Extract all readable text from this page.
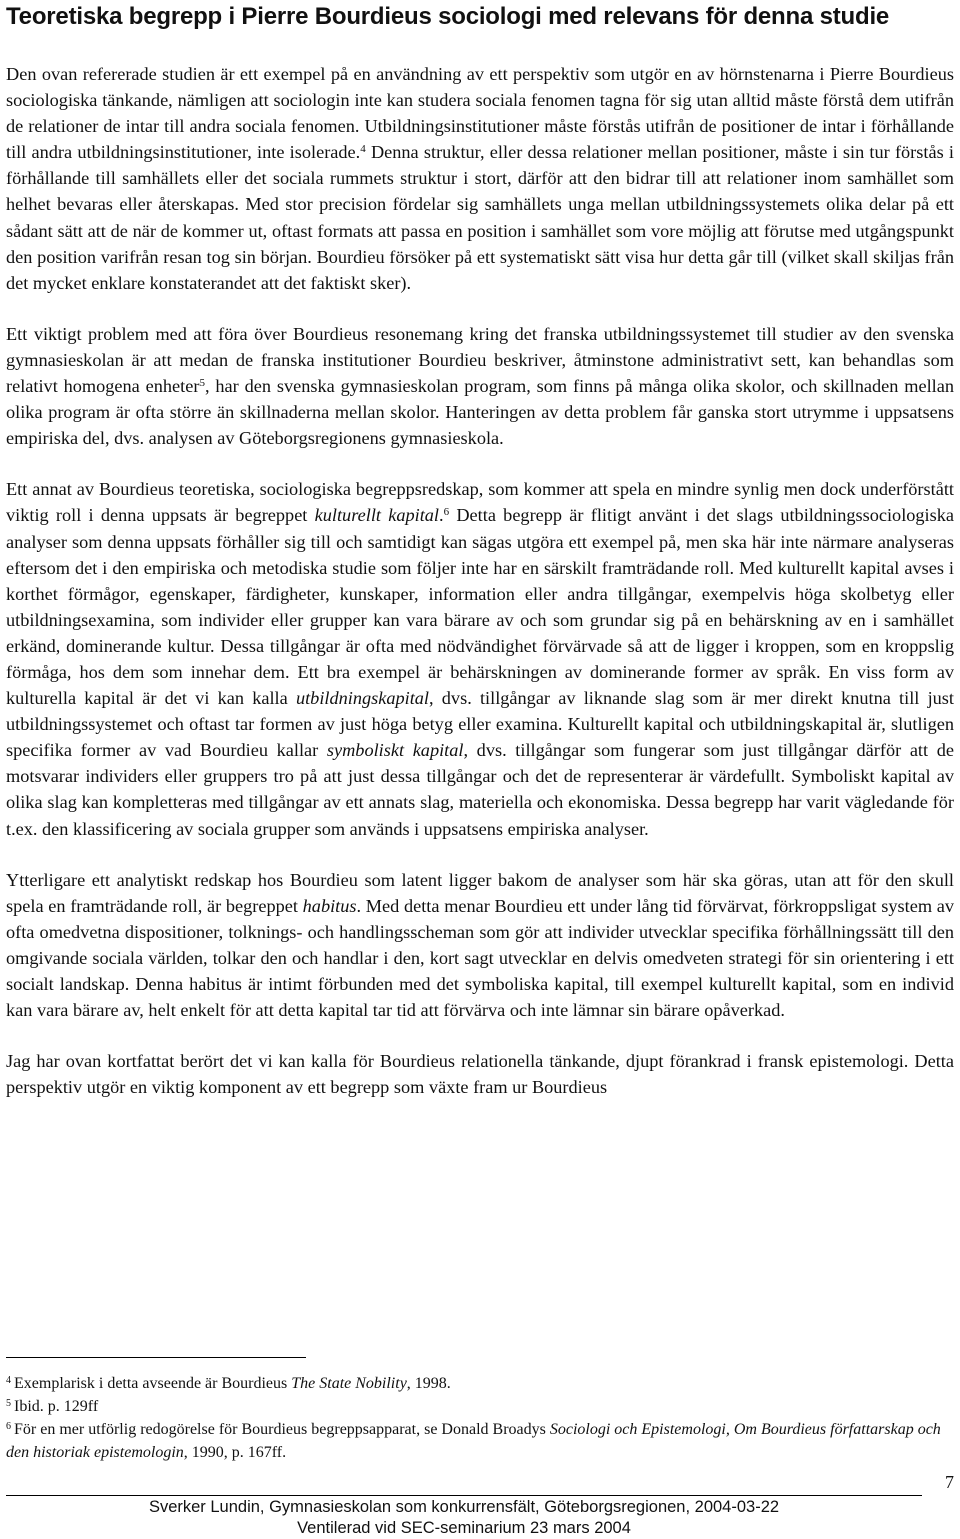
Teoretiska begrepp i Pierre Bourdieus sociologi med relevans för denna studie

Den ovan refererade studien är ett exempel på en användning av ett perspektiv som utgör en av hörnstenarna i Pierre Bourdieus sociologiska tänkande, nämligen att sociologin inte kan studera sociala fenomen tagna för sig utan alltid måste förstå dem utifrån de relationer de intar till andra sociala fenomen. Utbildningsinstitutioner måste förstås utifrån de positioner de intar i förhållande till andra utbildningsinstitutioner, inte isolerade.$^4$ Denna struktur, eller dessa relationer mellan positioner, måste i sin tur förstås i förhållande till samhällets eller det sociala rummets struktur i stort, därför att den bidrar till att relationer inom samhället som helhet bevaras eller återskapas. Med stor precision fördelar sig samhällets unga mellan utbildningssystemets olika delar på ett sådant sätt att de när de kommer ut, oftast formats att passa en position i samhället som vore möjlig att förutse med utgångspunkt den position varifrån resan tog sin början. Bourdieu försöker på ett systematiskt sätt visa hur detta går till (vilket skall skiljas från det mycket enklare konstaterandet att det faktiskt sker).

Ett viktigt problem med att föra över Bourdieus resonemang kring det franska utbildningssystemet till studier av den svenska gymnasieskolan är att medan de franska institutioner Bourdieu beskriver, åtminstone administrativt sett, kan behandlas som relativt homogena enheter$^5$, har den svenska gymnasieskolan program, som finns på många olika skolor, och skillnaden mellan olika program är ofta större än skillnaderna mellan skolor. Hanteringen av detta problem får ganska stort utrymme i uppsatsens empiriska del, dvs. analysen av Göteborgsregionens gymnasieskola.

Ett annat av Bourdieus teoretiska, sociologiska begreppsredskap, som kommer att spela en mindre synlig men dock underförstått viktig roll i denna uppsats är begreppet kulturellt kapital.$^6$ Detta begrepp är flitigt använt i det slags utbildningssociologiska analyser som denna uppsats förhåller sig till och samtidigt kan sägas utgöra ett exempel på, men ska här inte närmare analyseras eftersom det i den empiriska och metodiska studie som följer inte har en särskilt framträdande roll. Med kulturellt kapital avses i korthet förmågor, egenskaper, färdigheter, kunskaper, information eller andra tillgångar, exempelvis höga skolbetyg eller utbildningsexamina, som individer eller grupper kan vara bärare av och som grundar sig på en behärskning av en i samhället erkänd, dominerande kultur. Dessa tillgångar är ofta med nödvändighet förvärvade så att de ligger i kroppen, som en kroppslig förmåga, hos dem som innehar dem. Ett bra exempel är behärskningen av dominerande former av språk. En viss form av kulturella kapital är det vi kan kalla utbildningskapital, dvs. tillgångar av liknande slag som är mer direkt knutna till just utbildningssystemet och oftast tar formen av just höga betyg eller examina. Kulturellt kapital och utbildningskapital är, slutligen specifika former av vad Bourdieu kallar symboliskt kapital, dvs. tillgångar som fungerar som just tillgångar därför att de motsvarar individers eller gruppers tro på att just dessa tillgångar och det de representerar är värdefullt. Symboliskt kapital av olika slag kan kompletteras med tillgångar av ett annats slag, materiella och ekonomiska. Dessa begrepp har varit vägledande för t.ex. den klassificering av sociala grupper som används i uppsatsens empiriska analyser.

Ytterligare ett analytiskt redskap hos Bourdieu som latent ligger bakom de analyser som här ska göras, utan att för den skull spela en framträdande roll, är begreppet habitus. Med detta menar Bourdieu ett under lång tid förvärvat, förkroppsligat system av ofta omedvetna dispositioner, tolknings- och handlingsscheman som gör att individer utvecklar specifika förhållningssätt till den omgivande sociala världen, tolkar den och handlar i den, kort sagt utvecklar en delvis omedveten strategi för sin orientering i ett socialt landskap. Denna habitus är intimt förbunden med det symboliska kapital, till exempel kulturellt kapital, som en individ kan vara bärare av, helt enkelt för att detta kapital tar tid att förvärva och inte lämnar sin bärare opåverkad.

Jag har ovan kortfattat berört det vi kan kalla för Bourdieus relationella tänkande, djupt förankrad i fransk epistemologi. Detta perspektiv utgör en viktig komponent av ett begrepp som växte fram ur Bourdieus

$^4$ Exemplarisk i detta avseende är Bourdieus The State Nobility, 1998.
$^5$ Ibid. p. 129ff
$^6$ För en mer utförlig redogörelse för Bourdieus begreppsapparat, se Donald Broadys Sociologi och Epistemologi, Om Bourdieus författarskap och den historiak epistemologin, 1990, p. 167ff.
7
Sverker Lundin, Gymnasieskolan som konkurrensfält, Göteborgsregionen, 2004-03-22
Ventilerad vid SEC-seminarium 23 mars 2004
